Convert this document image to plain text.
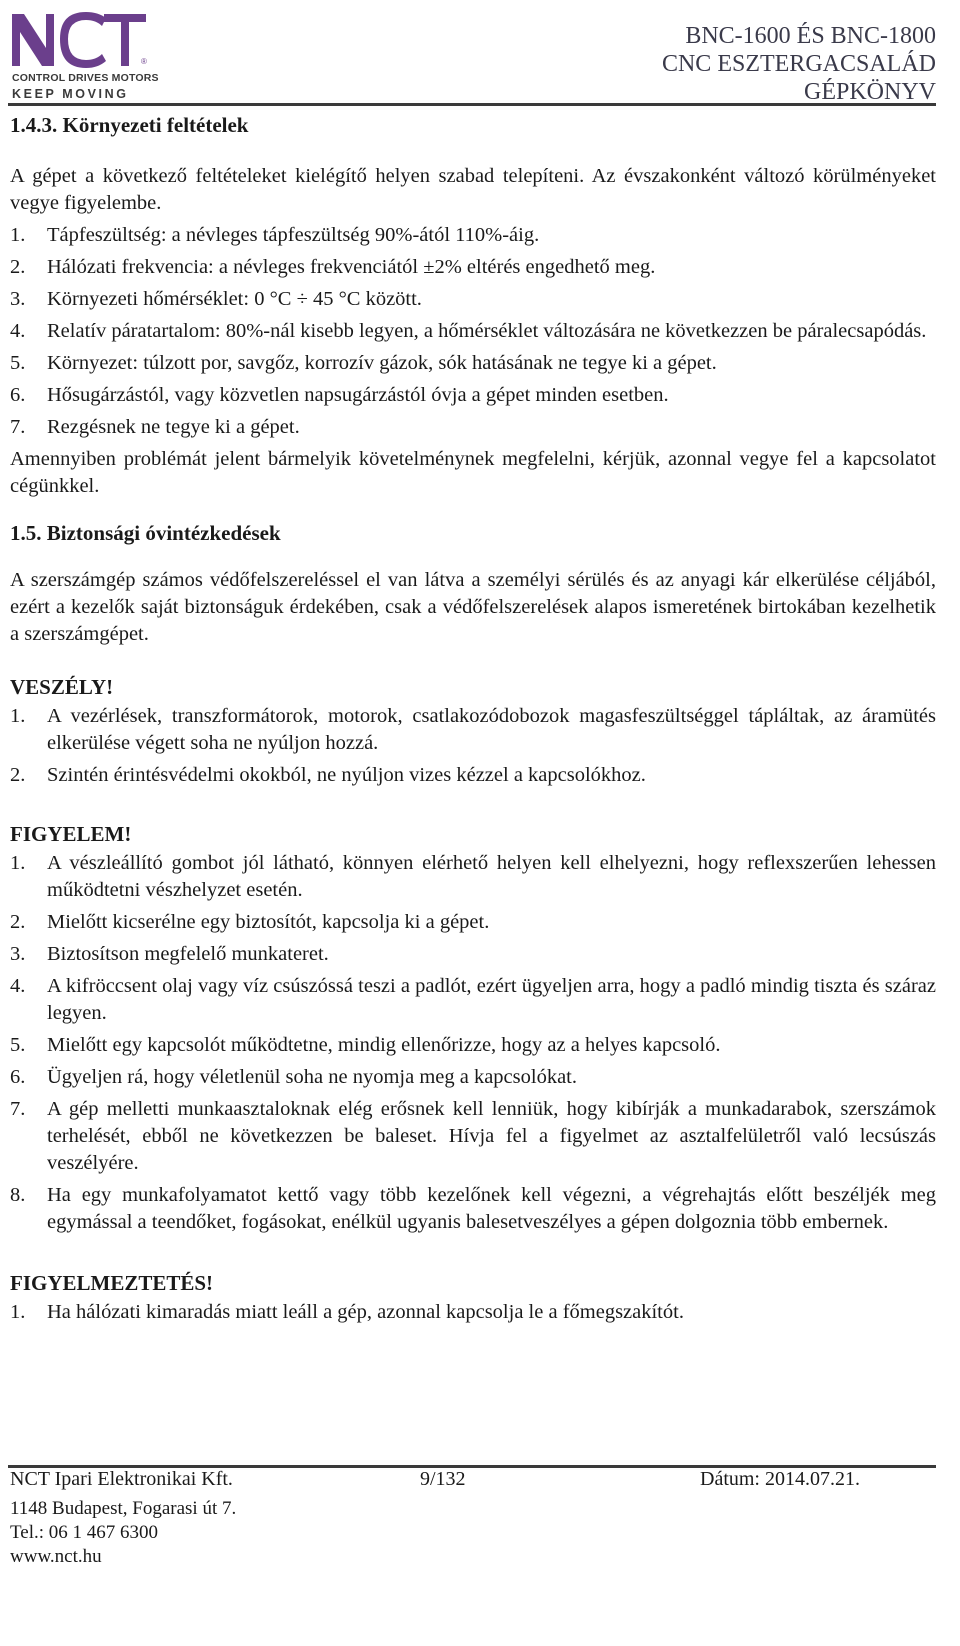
®
CONTROL DRIVES MOTORS
KEEP MOVING
BNC-1600 ÉS BNC-1800
CNC ESZTERGACSALÁD
GÉPKÖNYV
1.4.3. Környezeti feltételek

A gépet a következő feltételeket kielégítő helyen szabad telepíteni. Az évszakonként változó körülményeket vegye figyelembe.

1.	Tápfeszültség: a névleges tápfeszültség 90%-ától 110%-áig.
2.	Hálózati frekvencia: a névleges frekvenciától ±2% eltérés engedhető meg.
3.	Környezeti hőmérséklet: 0 °C ÷ 45 °C között.
4.	Relatív páratartalom: 80%-nál kisebb legyen, a hőmérséklet változására ne következzen be páralecsapódás.
5.	Környezet: túlzott por, savgőz, korrozív gázok, sók hatásának ne tegye ki a gépet.
6.	Hősugárzástól, vagy közvetlen napsugárzástól óvja a gépet minden esetben.
7.	Rezgésnek ne tegye ki a gépet.

Amennyiben problémát jelent bármelyik követelménynek megfelelni, kérjük, azonnal vegye fel a kapcsolatot cégünkkel.

1.5. Biztonsági óvintézkedések

A szerszámgép számos védőfelszereléssel el van látva a személyi sérülés és az anyagi kár elkerülése céljából, ezért a kezelők saját biztonságuk érdekében, csak a védőfelszerelések alapos ismeretének birtokában kezelhetik a szerszámgépet.

VESZÉLY!
1.	A vezérlések, transzformátorok, motorok, csatlakozódobozok magasfeszültséggel tápláltak, az áramütés elkerülése végett soha ne nyúljon hozzá.
2.	Szintén érintésvédelmi okokból, ne nyúljon vizes kézzel a kapcsolókhoz.
FIGYELEM!
1.	A vészleállító gombot jól látható, könnyen elérhető helyen kell elhelyezni, hogy reflexszerűen lehessen működtetni vészhelyzet esetén.
2.	Mielőtt kicserélne egy biztosítót, kapcsolja ki a gépet.
3.	Biztosítson megfelelő munkateret.
4.	A kifröccsent olaj vagy víz csúszóssá teszi a padlót, ezért ügyeljen arra, hogy a padló mindig tiszta és száraz legyen.
5.	Mielőtt egy kapcsolót működtetne, mindig ellenőrizze, hogy az a helyes kapcsoló.
6.	Ügyeljen rá, hogy véletlenül soha ne nyomja meg a kapcsolókat.
7.	A gép melletti munkaasztaloknak elég erősnek kell lenniük, hogy kibírják a munkadarabok, szerszámok terhelését, ebből ne következzen be baleset. Hívja fel a figyelmet az asztalfelületről való lecsúszás veszélyére.
8.	Ha egy munkafolyamatot kettő vagy több kezelőnek kell végezni, a végrehajtás előtt beszéljék meg egymással a teendőket, fogásokat, enélkül ugyanis balesetveszélyes a gépen dolgoznia több embernek.
FIGYELMEZTETÉS!
1.	Ha hálózati kimaradás miatt leáll a gép, azonnal kapcsolja le a főmegszakítót.
NCT Ipari Elektronikai Kft.	9/132	Dátum: 2014.07.21.
1148 Budapest, Fogarasi út 7.
Tel.: 06 1 467 6300
www.nct.hu
